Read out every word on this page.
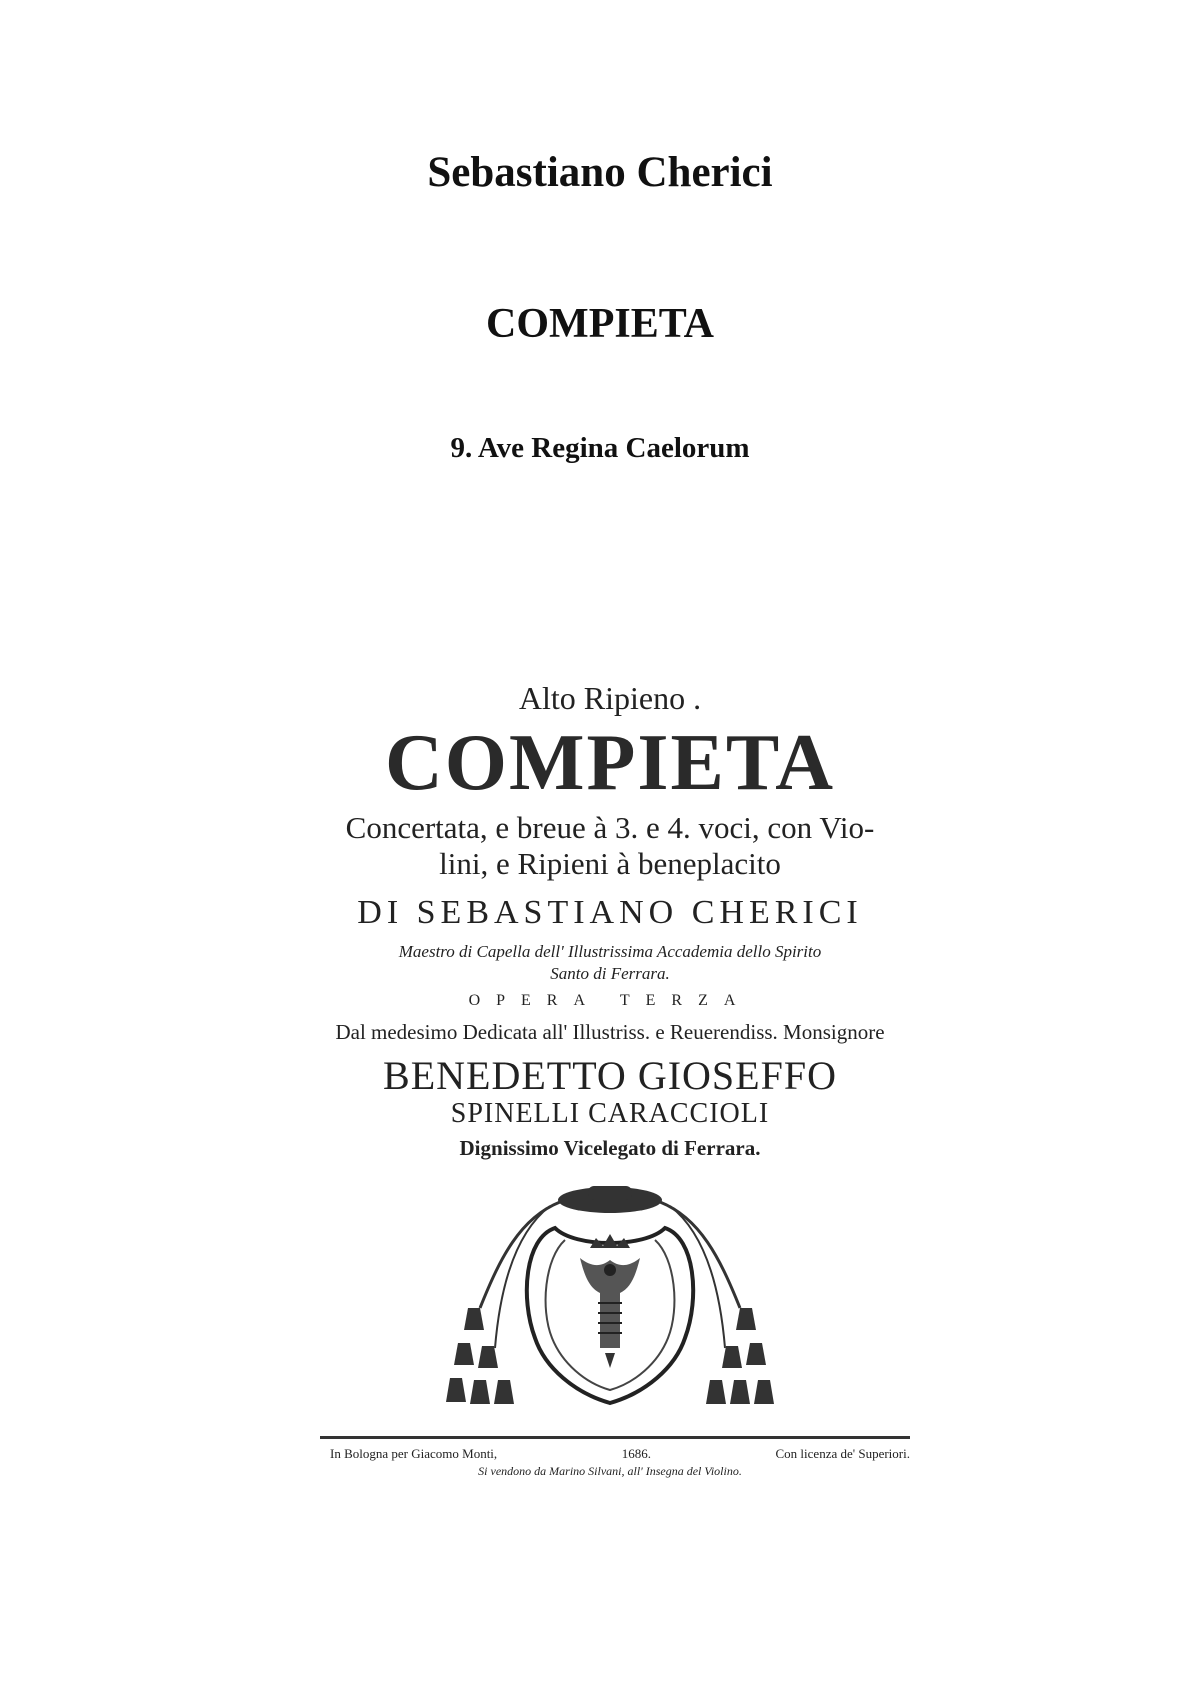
Sebastiano Cherici
COMPIETA
9. Ave Regina Caelorum
Alto Ripieno .
COMPIETA
Concertata, e breue à 3. e 4. voci, con Vio-
lini, e Ripieni à beneplacito
DI SEBASTIANO CHERICI
Maestro di Capella dell' Illustrissima Accademia dello Spirito
Santo di Ferrara.
OPERA TERZA
Dal medesimo Dedicata all' Illustriss. e Reuerendiss. Monsignore
BENEDETTO GIOSEFFO
SPINELLI CARACCIOLI
Dignissimo Vicelegato di Ferrara.
In Bologna per Giacomo Monti,	1686.	Con licenza de' Superiori.
Si vendono da Marino Silvani, all' Insegna del Violino.
